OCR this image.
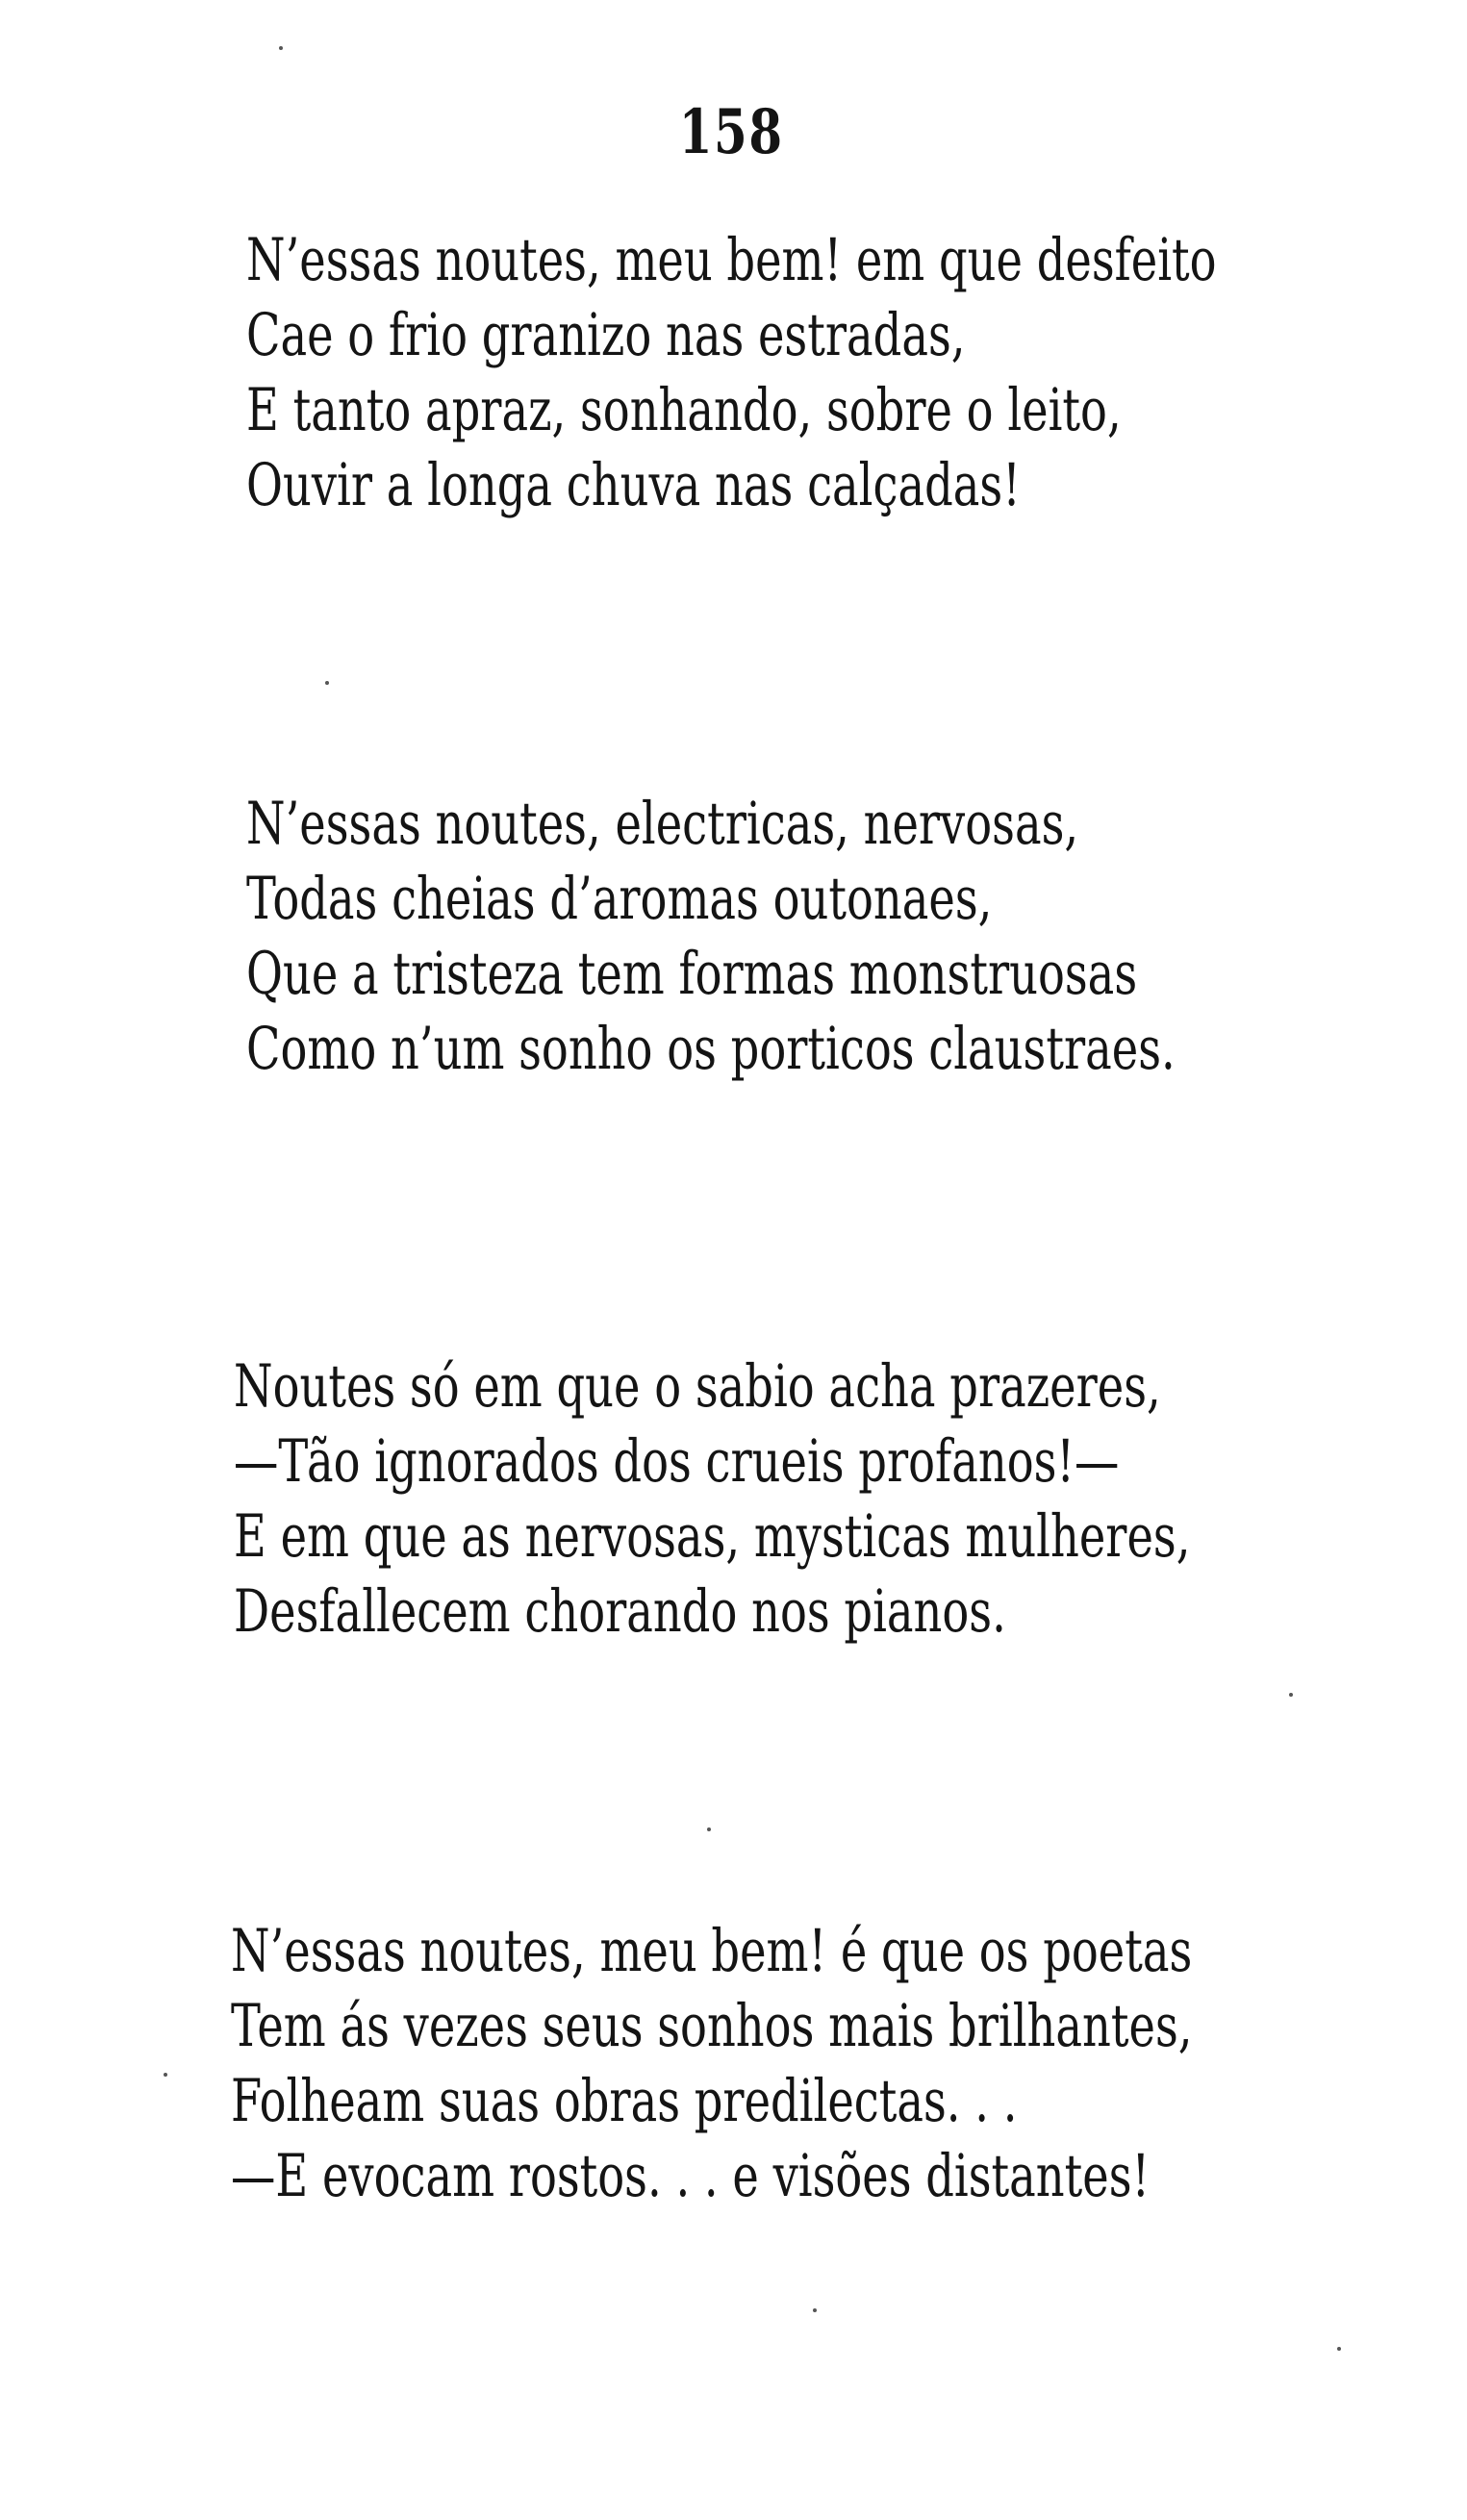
158
N’essas noutes, meu bem! em que desfeito
Cae o frio granizo nas estradas,
E tanto apraz, sonhando, sobre o leito,
Ouvir a longa chuva nas calçadas!
N’essas noutes, electricas, nervosas,
Todas cheias d’aromas outonaes,
Que a tristeza tem formas monstruosas
Como n’um sonho os porticos claustraes.
Noutes só em que o sabio acha prazeres,
—Tão ignorados dos crueis profanos!—
E em que as nervosas, mysticas mulheres,
Desfallecem chorando nos pianos.
N’essas noutes, meu bem! é que os poetas
Tem ás vezes seus sonhos mais brilhantes,
Folheam suas obras predilectas. . .
—E evocam rostos. . . e visões distantes!
